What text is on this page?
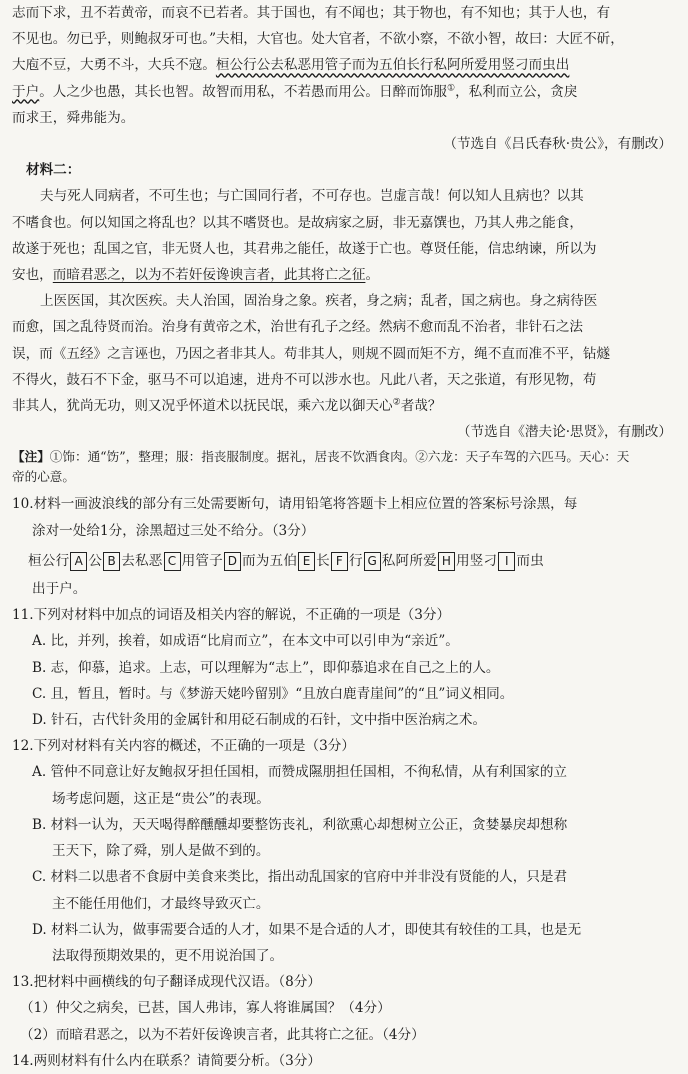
志而下求，丑不若黄帝，而哀不已若者。其于国也，有不闻也；其于物也，有不知也；其于人也，有

不见也。勿已乎，则鲍叔牙可也。”夫相，大官也。处大官者，不欲小察，不欲小智，故曰：大匠不斫，

大庖不豆，大勇不斗，大兵不寇。桓公行公去私恶用管子而为五伯长行私阿所爱用竖刁而虫出

于户。人之少也愚，其长也智。故智而用私，不若愚而用公。日醉而饰服①，私利而立公，贪戾

而求王，舜弗能为。

（节选自《吕氏春秋·贵公》，有删改）

材料二：

夫与死人同病者，不可生也；与亡国同行者，不可存也。岂虚言哉！何以知人且病也？以其

不嗜食也。何以知国之将乱也？以其不嗜贤也。是故病家之厨，非无嘉馔也，乃其人弗之能食，

故遂于死也；乱国之官，非无贤人也，其君弗之能任，故遂于亡也。尊贤任能，信忠纳谏，所以为

安也，而暗君恶之，以为不若奸佞谗谀言者，此其将亡之征。

上医医国，其次医疾。夫人治国，固治身之象。疾者，身之病；乱者，国之病也。身之病待医

而愈，国之乱待贤而治。治身有黄帝之术，治世有孔子之经。然病不愈而乱不治者，非针石之法

误，而《五经》之言诬也，乃因之者非其人。苟非其人，则规不圆而矩不方，绳不直而准不平，钻燧

不得火，鼓石不下金，驱马不可以追速，进舟不可以涉水也。凡此八者，天之张道，有形见物，苟

非其人，犹尚无功，则又况乎怀道术以抚民氓，乘六龙以御天心②者哉？

（节选自《潜夫论·思贤》，有删改）

【注】①饰：通“饬”，整理；服：指丧服制度。据礼，居丧不饮酒食肉。②六龙：天子车驾的六匹马。天心：天
帝的心意。

10.材料一画波浪线的部分有三处需要断句，请用铅笔将答题卡上相应位置的答案标号涂黑，每

涂对一处给1分，涂黑超过三处不给分。（3分）

桓公行 A 公 B 去私恶 C 用管子 D 而为五伯 E 长 F 行 G 私阿所爱 H 用竖刁 I 而虫

出于户。

11.下列对材料中加点的词语及相关内容的解说，不正确的一项是（3分）

A. 比，并列，挨着，如成语“比肩而立”，在本文中可以引申为“亲近”。

B. 志，仰慕，追求。上志，可以理解为“志上”，即仰慕追求在自己之上的人。

C. 且，暂且，暂时。与《梦游天姥吟留别》“且放白鹿青崖间”的“且”词义相同。

D. 针石，古代针灸用的金属针和用砭石制成的石针，文中指中医治病之术。

12.下列对材料有关内容的概述，不正确的一项是（3分）

A. 管仲不同意让好友鲍叔牙担任国相，而赞成隰朋担任国相，不徇私情，从有利国家的立

场考虑问题，这正是“贵公”的表现。

B. 材料一认为，天天喝得醉醺醺却要整饬丧礼，利欲熏心却想树立公正，贪婪暴戾却想称

王天下，除了舜，别人是做不到的。

C. 材料二以患者不食厨中美食来类比，指出动乱国家的官府中并非没有贤能的人，只是君

主不能任用他们，才最终导致灭亡。

D. 材料二认为，做事需要合适的人才，如果不是合适的人才，即使其有较佳的工具，也是无

法取得预期效果的，更不用说治国了。

13.把材料中画横线的句子翻译成现代汉语。（8分）

（1）仲父之病矣，已甚，国人弗讳，寡人将谁属国？（4分）

（2）而暗君恶之，以为不若奸佞谗谀言者，此其将亡之征。（4分）

14.两则材料有什么内在联系？请简要分析。（3分）
